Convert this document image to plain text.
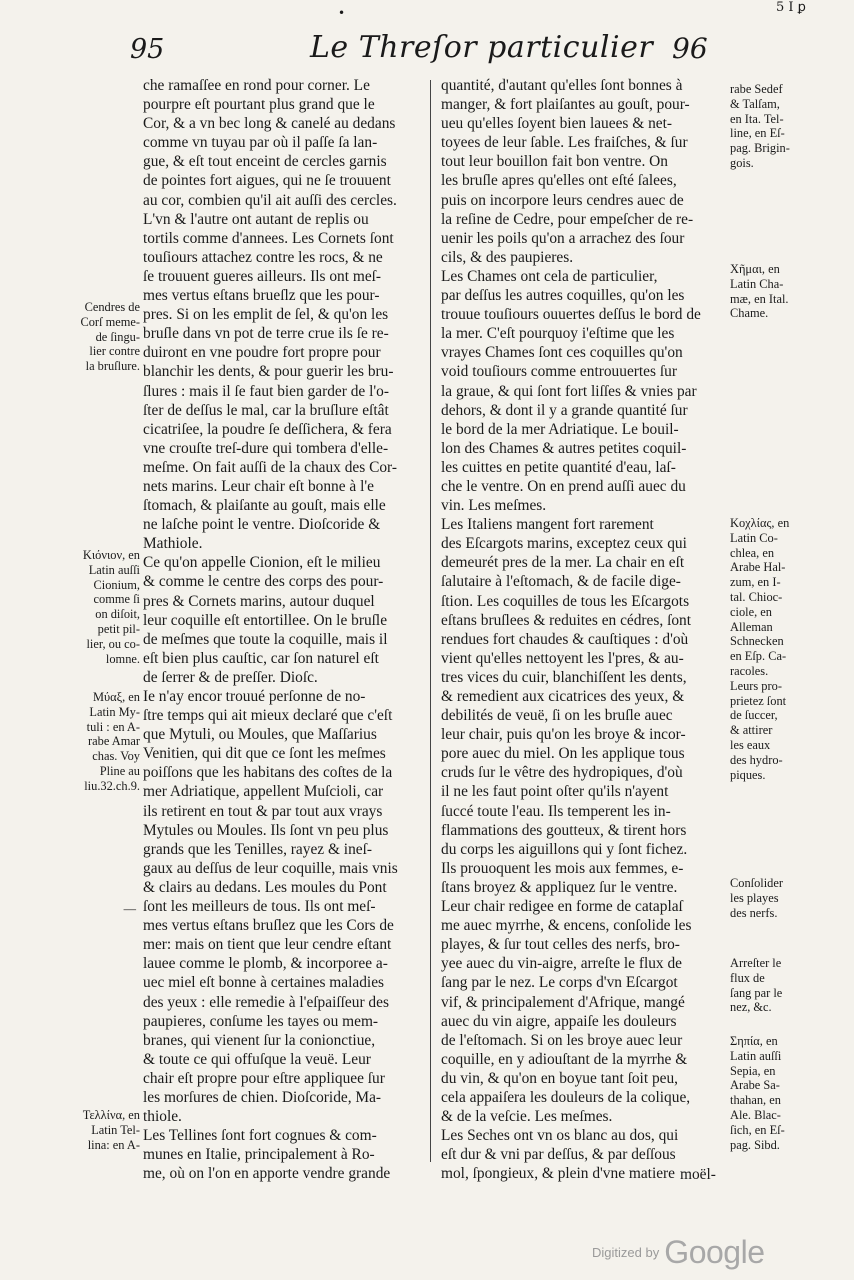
•	5 I ꝑ
95	Le Threſor particulier 96
Cendres de
Corſ meme-
de ſingu-
lier contre
la bruſlure.
Κιόνιον, en
Latin auſſi
Cionium,
comme ſi
on diſoit,
petit pil-
lier, ou co-
lomne.
Μύαξ, en
Latin My-
tuli : en A-
rabe Amar
chas. Voy
Pline au
liu.32.ch.9.
—
Τελλίνα, en
Latin Tel-
lina: en A-
che ramaſſee en rond pour corner. Le
pourpre eſt pourtant plus grand que le
Cor, & a vn bec long & canelé au dedans
comme vn tuyau par où il paſſe ſa lan-
gue, & eſt tout enceint de cercles garnis
de pointes fort aigues, qui ne ſe trouuent
au cor, combien qu'il ait auſſi des cercles.
L'vn & l'autre ont autant de replis ou
tortils comme d'annees. Les Cornets ſont
touſiours attachez contre les rocs, & ne
ſe trouuent gueres ailleurs. Ils ont meſ-
mes vertus eſtans brueſlz que les pour-
pres. Si on les emplit de ſel, & qu'on les
bruſle dans vn pot de terre crue ils ſe re-
duiront en vne poudre fort propre pour
blanchir les dents, & pour guerir les bru-
ſlures : mais il ſe faut bien garder de l'o-
ſter de deſſus le mal, car la bruſlure eſtât
cicatriſee, la poudre ſe deſſichera, & fera
vne crouſte treſ-dure qui tombera d'elle-
meſme. On fait auſſi de la chaux des Cor-
nets marins. Leur chair eſt bonne à l'e
ſtomach, & plaiſante au gouſt, mais elle
ne laſche point le ventre. Dioſcoride &
Mathiole.
Ce qu'on appelle Cionion, eſt le milieu
& comme le centre des corps des pour-
pres & Cornets marins, autour duquel
leur coquille eſt entortillee. On le bruſle
de meſmes que toute la coquille, mais il
eſt bien plus cauſtic, car ſon naturel eſt
de ſerrer & de preſſer. Dioſc.
Ie n'ay encor trouué perſonne de no-
ſtre temps qui ait mieux declaré que c'eſt
que Mytuli, ou Moules, que Maſſarius
Venitien, qui dit que ce ſont les meſmes
poiſſons que les habitans des coſtes de la
mer Adriatique, appellent Muſcioli, car
ils retirent en tout & par tout aux vrays
Mytules ou Moules. Ils ſont vn peu plus
grands que les Tenilles, rayez & ineſ-
gaux au deſſus de leur coquille, mais vnis
& clairs au dedans. Les moules du Pont
ſont les meilleurs de tous. Ils ont meſ-
mes vertus eſtans bruſlez que les Cors de
mer: mais on tient que leur cendre eſtant
lauee comme le plomb, & incorporee a-
uec miel eſt bonne à certaines maladies
des yeux : elle remedie à l'eſpaiſſeur des
paupieres, conſume les tayes ou mem-
branes, qui vienent ſur la conionctiue,
& toute ce qui offuſque la veuë. Leur
chair eſt propre pour eſtre appliquee ſur
les morſures de chien. Dioſcoride, Ma-
thiole.
Les Tellines ſont fort cognues & com-
munes en Italie, principalement à Ro-
me, où on l'on en apporte vendre grande
quantité, d'autant qu'elles ſont bonnes à
manger, & fort plaiſantes au gouſt, pour-
ueu qu'elles ſoyent bien lauees & net-
toyees de leur ſable. Les fraiſches, & ſur
tout leur bouillon fait bon ventre. On
les bruſle apres qu'elles ont eſté ſalees,
puis on incorpore leurs cendres auec de
la reſine de Cedre, pour empeſcher de re-
uenir les poils qu'on a arrachez des ſour
cils, & des paupieres.
Les Chames ont cela de particulier,
par deſſus les autres coquilles, qu'on les
trouue touſiours ouuertes deſſus le bord de
la mer. C'eſt pourquoy i'eſtime que les
vrayes Chames ſont ces coquilles qu'on
void touſiours comme entrouuertes ſur
la graue, & qui ſont fort liſſes & vnies par
dehors, & dont il y a grande quantité ſur
le bord de la mer Adriatique. Le bouil-
lon des Chames & autres petites coquil-
les cuittes en petite quantité d'eau, laſ-
che le ventre. On en prend auſſi auec du
vin. Les meſmes.
Les Italiens mangent fort rarement
des Eſcargots marins, exceptez ceux qui
demeurét pres de la mer. La chair en eſt
ſalutaire à l'eſtomach, & de facile dige-
ſtion. Les coquilles de tous les Eſcargots
eſtans bruſlees & reduites en cédres, ſont
rendues fort chaudes & cauſtiques : d'où
vient qu'elles nettoyent les l'pres, & au-
tres vices du cuir, blanchiſſent les dents,
& remedient aux cicatrices des yeux, &
debilités de veuë, ſi on les bruſle auec
leur chair, puis qu'on les broye & incor-
pore auec du miel. On les applique tous
cruds ſur le vêtre des hydropiques, d'où
il ne les faut point oſter qu'ils n'ayent
ſuccé toute l'eau. Ils temperent les in-
flammations des goutteux, & tirent hors
du corps les aiguillons qui y ſont fichez.
Ils prouoquent les mois aux femmes, e-
ſtans broyez & appliquez ſur le ventre.
Leur chair redigee en forme de cataplaſ
me auec myrrhe, & encens, conſolide les
playes, & ſur tout celles des nerfs, bro-
yee auec du vin-aigre, arreſte le flux de
ſang par le nez. Le corps d'vn Eſcargot
vif, & principalement d'Afrique, mangé
auec du vin aigre, appaiſe les douleurs
de l'eſtomach. Si on les broye auec leur
coquille, en y adiouſtant de la myrrhe &
du vin, & qu'on en boyue tant ſoit peu,
cela appaiſera les douleurs de la colique,
& de la veſcie. Les meſmes.
Les Seches ont vn os blanc au dos, qui
eſt dur & vni par deſſus, & par deſſous
mol, ſpongieux, & plein d'vne matiere
rabe Sedef
& Talſam,
en Ita. Tel-
line, en Eſ-
pag. Brigin-
gois.
Χῆμαι, en
Latin Cha-
mæ, en Ital.
Chame.
Κοχλίας, en
Latin Co-
chlea, en
Arabe Hal-
zum, en I-
tal. Chioc-
ciole, en
Alleman
Schnecken
en Eſp. Ca-
racoles.
Leurs pro-
prietez ſont
de ſuccer,
& attirer
les eaux
des hydro-
piques.
Conſolider
les playes
des nerfs.
Arreſter le
flux de
ſang par le
nez, &c.
Σηπία, en
Latin auſſi
Sepia, en
Arabe Sa-
thahan, en
Ale. Blac-
ſich, en Eſ-
pag. Sibd.
moël-
Digitized by Google
